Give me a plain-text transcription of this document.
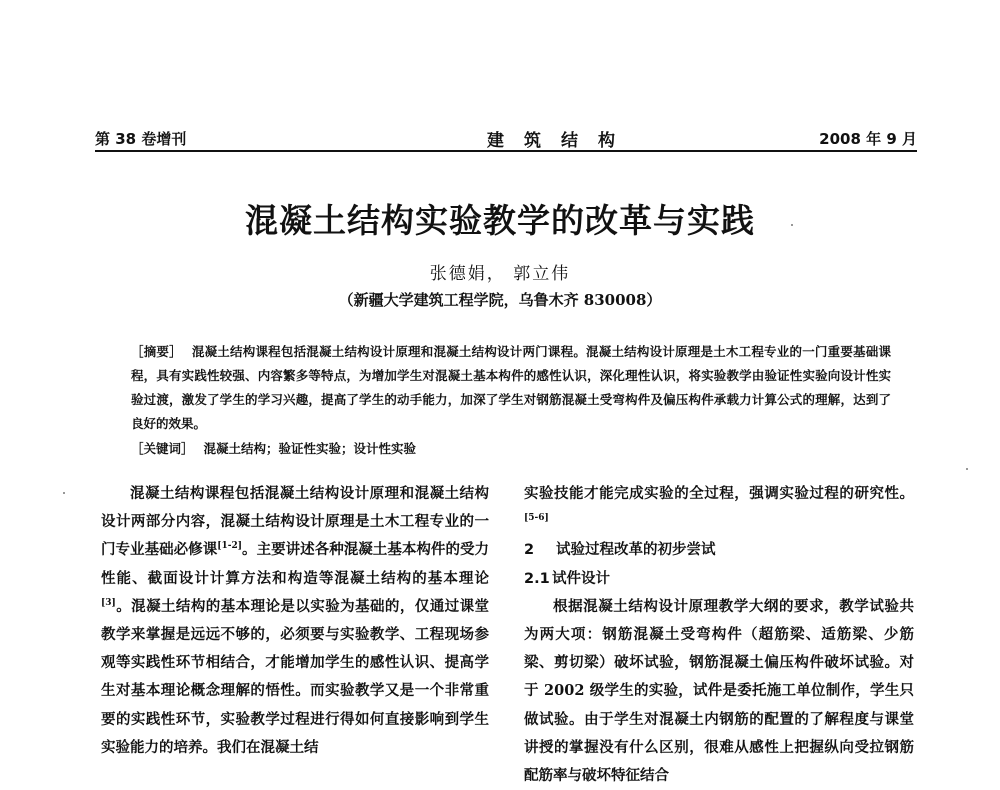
第 38 卷增刊	建筑结构	2008 年 9 月
混凝土结构实验教学的改革与实践
张德娟， 郭立伟
（新疆大学建筑工程学院，乌鲁木齐 830008）
［摘要］ 混凝土结构课程包括混凝土结构设计原理和混凝土结构设计两门课程。混凝土结构设计原理是土木工程专业的一门重要基础课程，具有实践性较强、内容繁多等特点，为增加学生对混凝土基本构件的感性认识，深化理性认识，将实验教学由验证性实验向设计性实验过渡，激发了学生的学习兴趣，提高了学生的动手能力，加深了学生对钢筋混凝土受弯构件及偏压构件承载力计算公式的理解，达到了良好的效果。
［关键词］ 混凝土结构；验证性实验；设计性实验

混凝土结构课程包括混凝土结构设计原理和混凝土结构设计两部分内容，混凝土结构设计原理是土木工程专业的一门专业基础必修课[1-2]。主要讲述各种混凝土基本构件的受力性能、截面设计计算方法和构造等混凝土结构的基本理论[3]。混凝土结构的基本理论是以实验为基础的，仅通过课堂教学来掌握是远远不够的，必须要与实验教学、工程现场参观等实践性环节相结合，才能增加学生的感性认识、提高学生对基本理论概念理解的悟性。而实验教学又是一个非常重要的实践性环节，实验教学过程进行得如何直接影响到学生实验能力的培养。我们在混凝土结

实验技能才能完成实验的全过程，强调实验过程的研究性。[5-6]

2 试验过程改革的初步尝试

2.1 试件设计

根据混凝土结构设计原理教学大纲的要求，教学试验共为两大项：钢筋混凝土受弯构件（超筋梁、适筋梁、少筋梁、剪切梁）破坏试验，钢筋混凝土偏压构件破坏试验。对于 2002 级学生的实验，试件是委托施工单位制作，学生只做试验。由于学生对混凝土内钢筋的配置的了解程度与课堂讲授的掌握没有什么区别，很难从感性上把握纵向受拉钢筋配筋率与破坏特征结合
